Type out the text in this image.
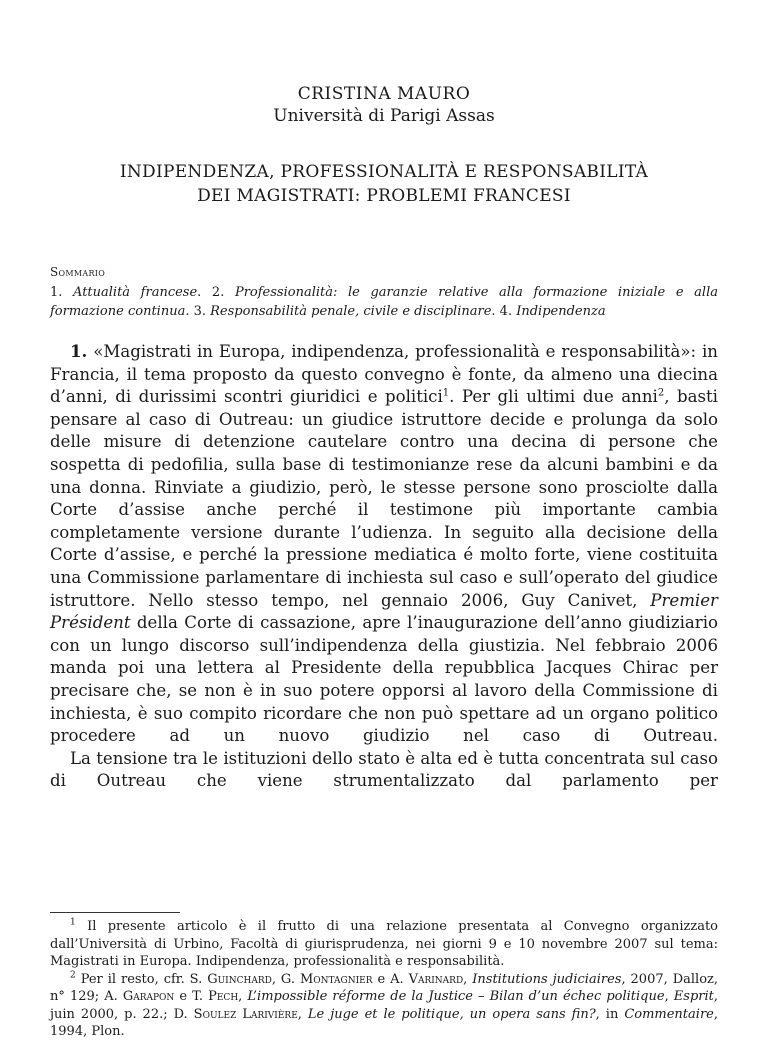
CRISTINA MAURO
Università di Parigi Assas
INDIPENDENZA, PROFESSIONALITÀ E RESPONSABILITÀ
DEI MAGISTRATI: PROBLEMI FRANCESI
Sommario
1. Attualità francese. 2. Professionalità: le garanzie relative alla formazione iniziale e alla formazione continua. 3. Responsabilità penale, civile e disciplinare. 4. Indipendenza

1. «Magistrati in Europa, indipendenza, professionalità e responsabilità»: in Francia, il tema proposto da questo convegno è fonte, da almeno una diecina d’anni, di durissimi scontri giuridici e politici$^1$. Per gli ultimi due anni$^2$, basti pensare al caso di Outreau: un giudice istruttore decide e prolunga da solo delle misure di detenzione cautelare contro una decina di persone che sospetta di pedofilia, sulla base di testimonianze rese da alcuni bambini e da una donna. Rinviate a giudizio, però, le stesse persone sono prosciolte dalla Corte d’assise anche perché il testimone più importante cambia completamente versione durante l’udienza. In seguito alla decisione della Corte d’assise, e perché la pressione mediatica é molto forte, viene costituita una Commissione parlamentare di inchiesta sul caso e sull’operato del giudice istruttore. Nello stesso tempo, nel gennaio 2006, Guy Canivet, Premier Président della Corte di cassazione, apre l’inaugurazione dell’anno giudiziario con un lungo discorso sull’indipendenza della giustizia. Nel febbraio 2006 manda poi una lettera al Presidente della repubblica Jacques Chirac per precisare che, se non è in suo potere opporsi al lavoro della Commissione di inchiesta, è suo compito ricordare che non può spettare ad un organo politico procedere ad un nuovo giudizio nel caso di Outreau.

La tensione tra le istituzioni dello stato è alta ed è tutta concentrata sul caso di Outreau che viene strumentalizzato dal parlamento per

$^1$ Il presente articolo è il frutto di una relazione presentata al Convegno organizzato dall’Università di Urbino, Facoltà di giurisprudenza, nei giorni 9 e 10 novembre 2007 sul tema: Magistrati in Europa. Indipendenza, professionalità e responsabilità.

$^2$ Per il resto, cfr. S. Guinchard, G. Montagnier e A. Varinard, Institutions judiciaires, 2007, Dalloz, n° 129; A. Garapon e T. Pech, L’impossible réforme de la Justice – Bilan d’un échec politique, Esprit, juin 2000, p. 22.; D. Soulez Larivière, Le juge et le politique, un opera sans fin?, in Commentaire, 1994, Plon.
